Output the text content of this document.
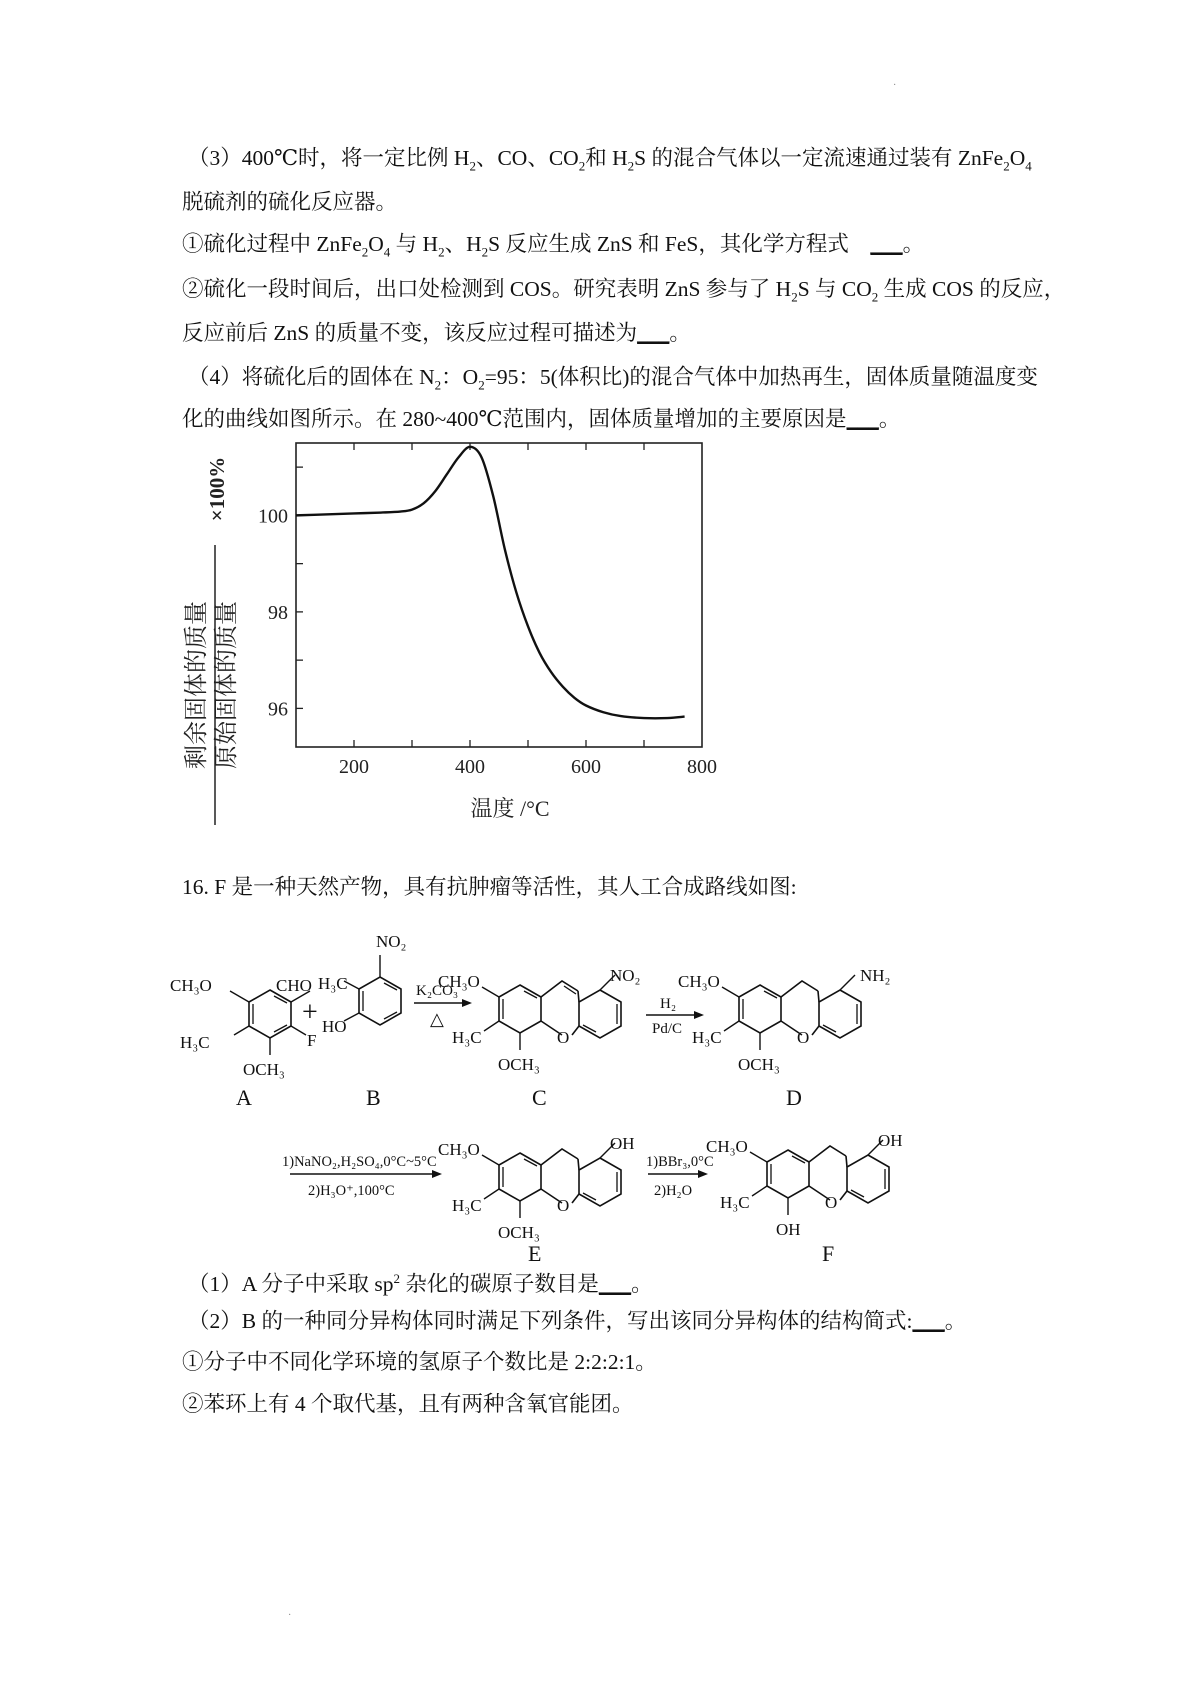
·
（3）400℃时，将一定比例 $H_2$、CO、$CO_2$和 $H_2S$ 的混合气体以一定流速通过装有 $ZnFe_2O_4$
脱硫剂的硫化反应器。
①硫化过程中 $ZnFe_2O_4$ 与 $H_2$、$H_2S$ 反应生成 ZnS 和 FeS，其化学方程式 ___。
②硫化一段时间后，出口处检测到 COS。研究表明 ZnS 参与了 $H_2S$ 与 $CO_2$ 生成 COS 的反应，
反应前后 ZnS 的质量不变，该反应过程可描述为___。
（4）将硫化后的固体在 $N_2$：$O_2=95$：5(体积比)的混合气体中加热再生，固体质量随温度变
化的曲线如图所示。在 280~400℃范围内，固体质量增加的主要原因是___。
剩余固体的质量 原始固体的质量
×100%
200	400	600	800
100
98
96
温度 /°C
16. F 是一种天然产物，具有抗肿瘤等活性，其人工合成路线如图:
CH₃O	CHO
H₃C	F
OCH₃
A
+
NO₂
H₃C
HO
B
K₂CO₃
△
O
CH₃O	NO₂
H₃C
OCH₃
C
H₂
Pd/C	O
CH₃O	NH₂
H₃C
OCH₃
D
1)NaNO₂,H₂SO₄,0°C~5°C
2)H₃O⁺,100°C
O
CH₃O	OH
H₃C
OCH₃
E
1)BBr₃,0°C
2)H₂O
O
CH₃O	OH
H₃C
OH
F
（1）A 分子中采取 $sp^2$ 杂化的碳原子数目是___。
（2）B 的一种同分异构体同时满足下列条件，写出该同分异构体的结构简式:___。
①分子中不同化学环境的氢原子个数比是 2:2:2:1。
②苯环上有 4 个取代基，且有两种含氧官能团。
·
